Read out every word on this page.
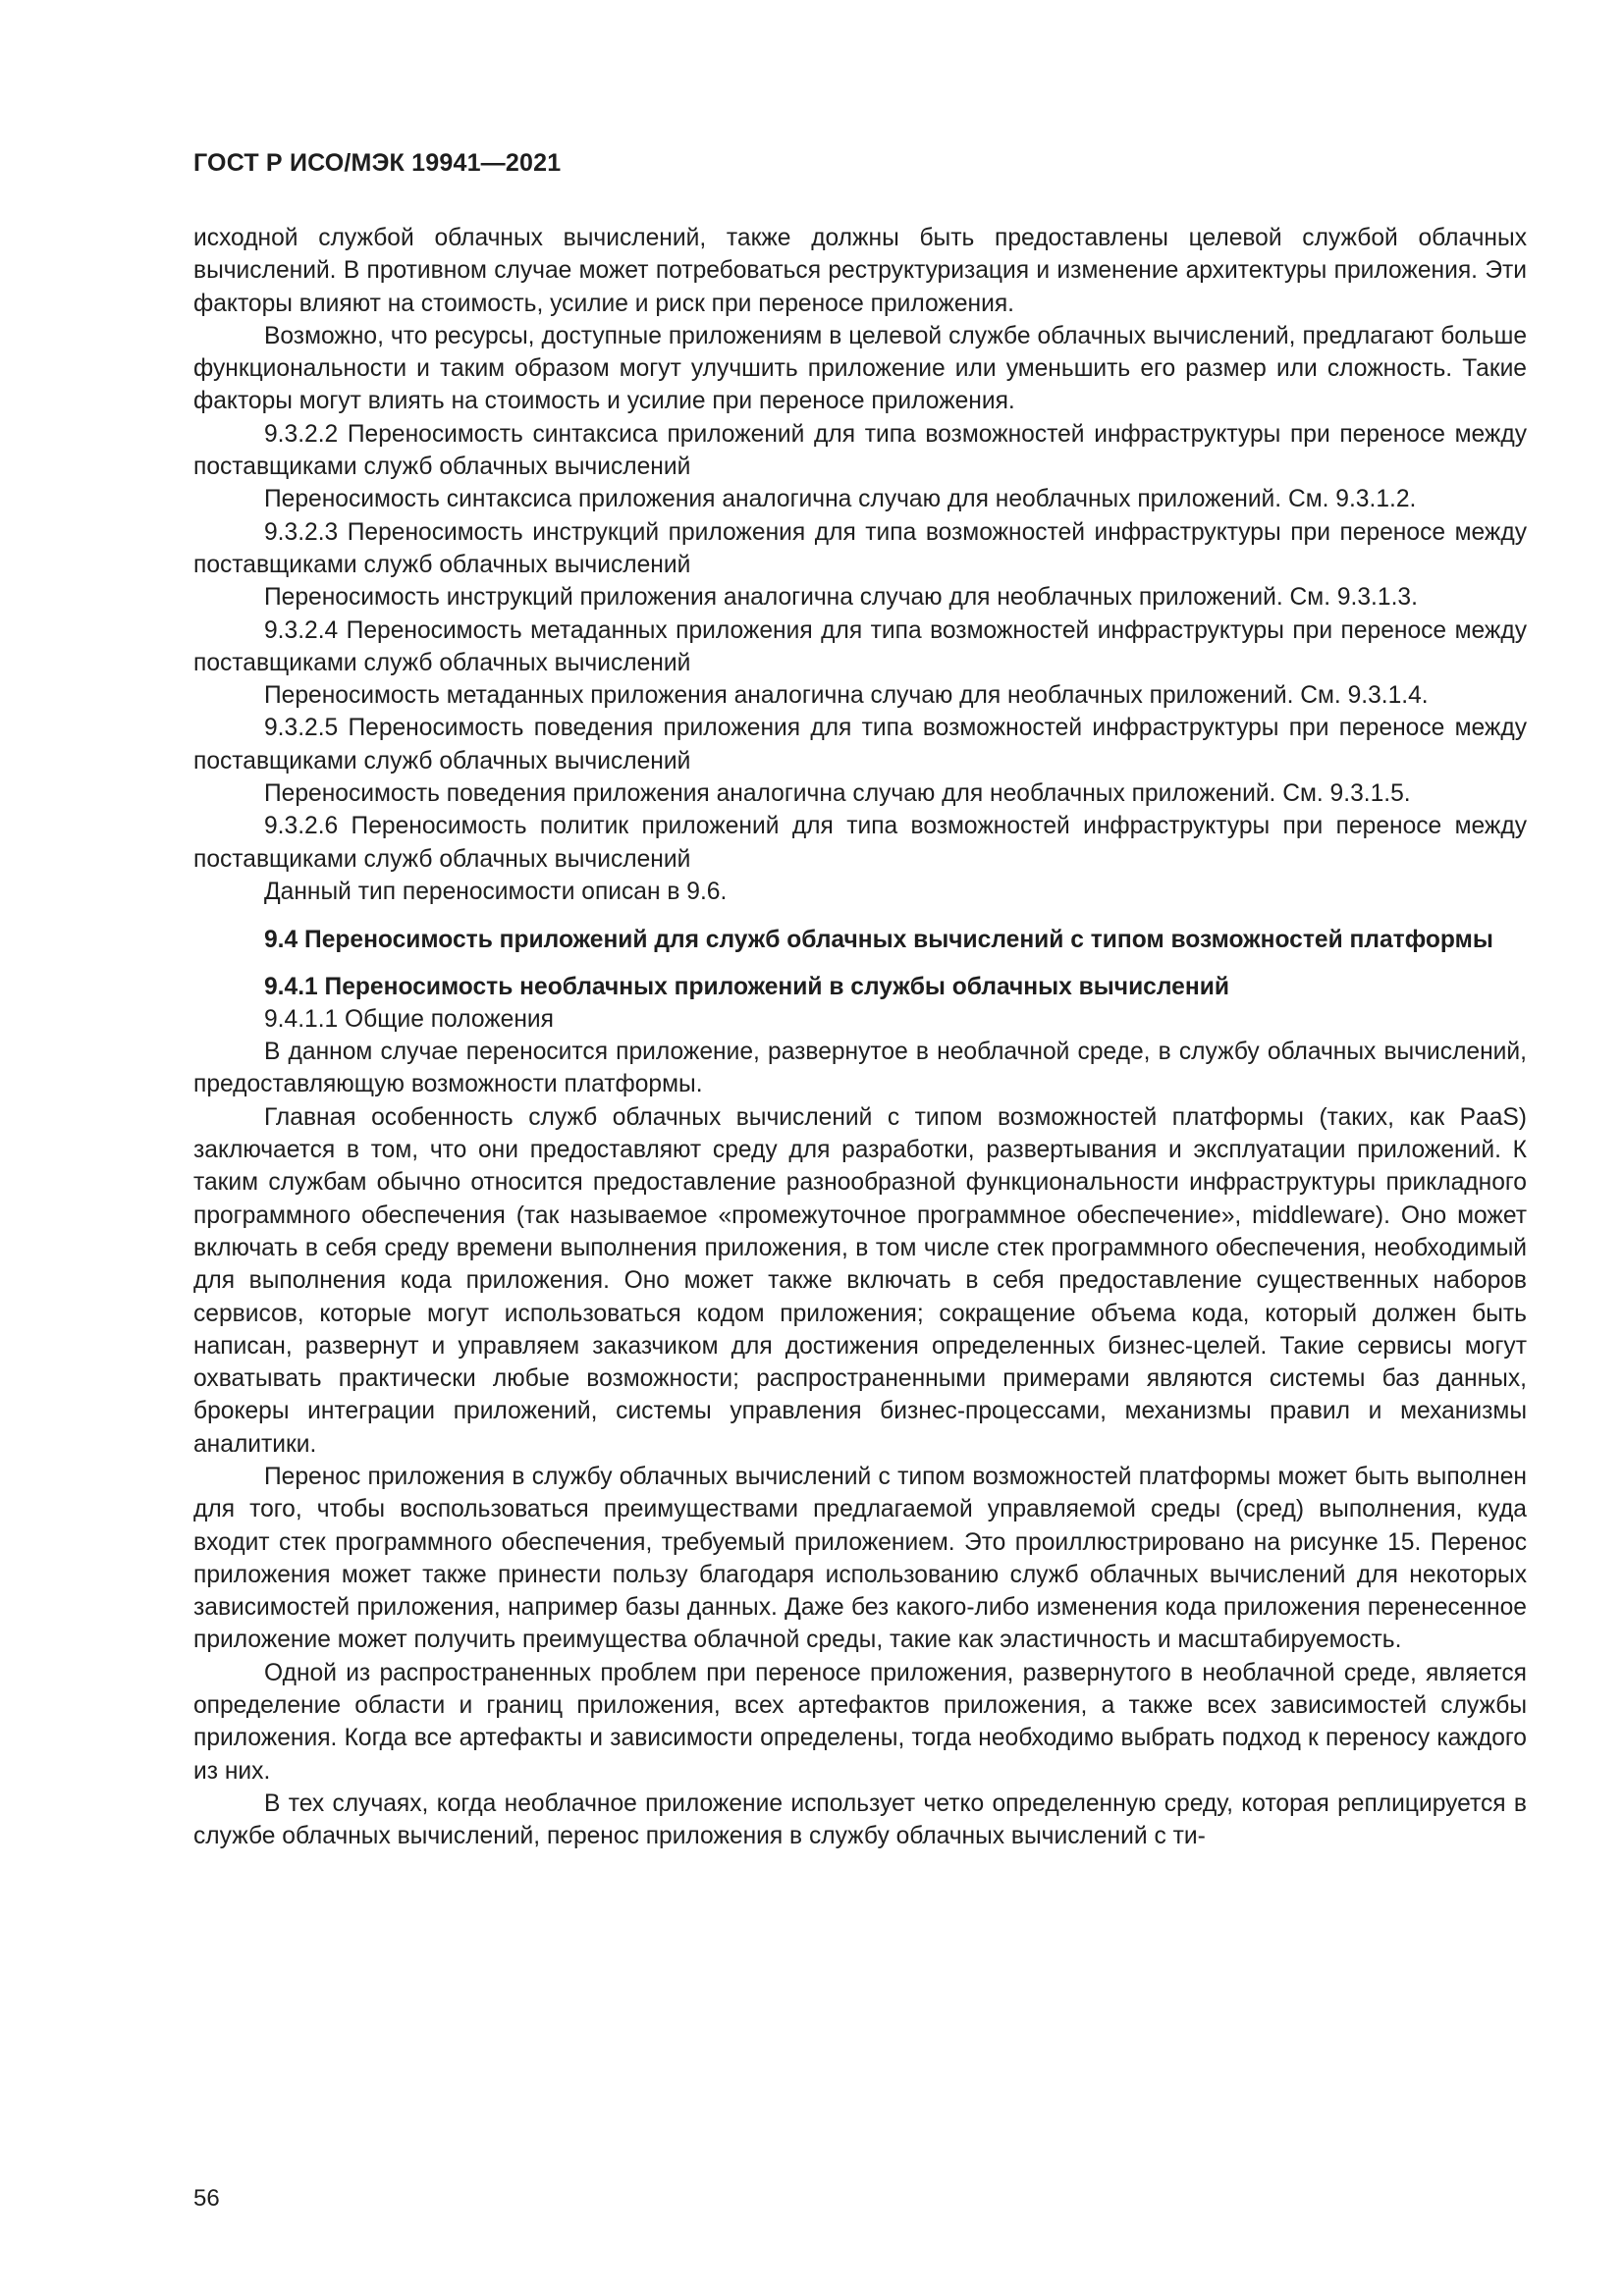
ГОСТ Р ИСО/МЭК 19941—2021

исходной службой облачных вычислений, также должны быть предоставлены целевой службой облачных вычислений. В противном случае может потребоваться реструктуризация и изменение архитектуры приложения. Эти факторы влияют на стоимость, усилие и риск при переносе приложения.

Возможно, что ресурсы, доступные приложениям в целевой службе облачных вычислений, предлагают больше функциональности и таким образом могут улучшить приложение или уменьшить его размер или сложность. Такие факторы могут влиять на стоимость и усилие при переносе приложения.

9.3.2.2 Переносимость синтаксиса приложений для типа возможностей инфраструктуры при переносе между поставщиками служб облачных вычислений

Переносимость синтаксиса приложения аналогична случаю для необлачных приложений. См. 9.3.1.2.

9.3.2.3 Переносимость инструкций приложения для типа возможностей инфраструктуры при переносе между поставщиками служб облачных вычислений

Переносимость инструкций приложения аналогична случаю для необлачных приложений. См. 9.3.1.3.

9.3.2.4 Переносимость метаданных приложения для типа возможностей инфраструктуры при переносе между поставщиками служб облачных вычислений

Переносимость метаданных приложения аналогична случаю для необлачных приложений. См. 9.3.1.4.

9.3.2.5 Переносимость поведения приложения для типа возможностей инфраструктуры при переносе между поставщиками служб облачных вычислений

Переносимость поведения приложения аналогична случаю для необлачных приложений. См. 9.3.1.5.

9.3.2.6 Переносимость политик приложений для типа возможностей инфраструктуры при переносе между поставщиками служб облачных вычислений

Данный тип переносимости описан в 9.6.

9.4 Переносимость приложений для служб облачных вычислений с типом возможностей платформы

9.4.1 Переносимость необлачных приложений в службы облачных вычислений

9.4.1.1 Общие положения

В данном случае переносится приложение, развернутое в необлачной среде, в службу облачных вычислений, предоставляющую возможности платформы.

Главная особенность служб облачных вычислений с типом возможностей платформы (таких, как PaaS) заключается в том, что они предоставляют среду для разработки, развертывания и эксплуатации приложений. К таким службам обычно относится предоставление разнообразной функциональности инфраструктуры прикладного программного обеспечения (так называемое «промежуточное программное обеспечение», middleware). Оно может включать в себя среду времени выполнения приложения, в том числе стек программного обеспечения, необходимый для выполнения кода приложения. Оно может также включать в себя предоставление существенных наборов сервисов, которые могут использоваться кодом приложения; сокращение объема кода, который должен быть написан, развернут и управляем заказчиком для достижения определенных бизнес-целей. Такие сервисы могут охватывать практически любые возможности; распространенными примерами являются системы баз данных, брокеры интеграции приложений, системы управления бизнес-процессами, механизмы правил и механизмы аналитики.

Перенос приложения в службу облачных вычислений с типом возможностей платформы может быть выполнен для того, чтобы воспользоваться преимуществами предлагаемой управляемой среды (сред) выполнения, куда входит стек программного обеспечения, требуемый приложением. Это проиллюстрировано на рисунке 15. Перенос приложения может также принести пользу благодаря использованию служб облачных вычислений для некоторых зависимостей приложения, например базы данных. Даже без какого-либо изменения кода приложения перенесенное приложение может получить преимущества облачной среды, такие как эластичность и масштабируемость.

Одной из распространенных проблем при переносе приложения, развернутого в необлачной среде, является определение области и границ приложения, всех артефактов приложения, а также всех зависимостей службы приложения. Когда все артефакты и зависимости определены, тогда необходимо выбрать подход к переносу каждого из них.

В тех случаях, когда необлачное приложение использует четко определенную среду, которая реплицируется в службе облачных вычислений, перенос приложения в службу облачных вычислений с ти-

56
